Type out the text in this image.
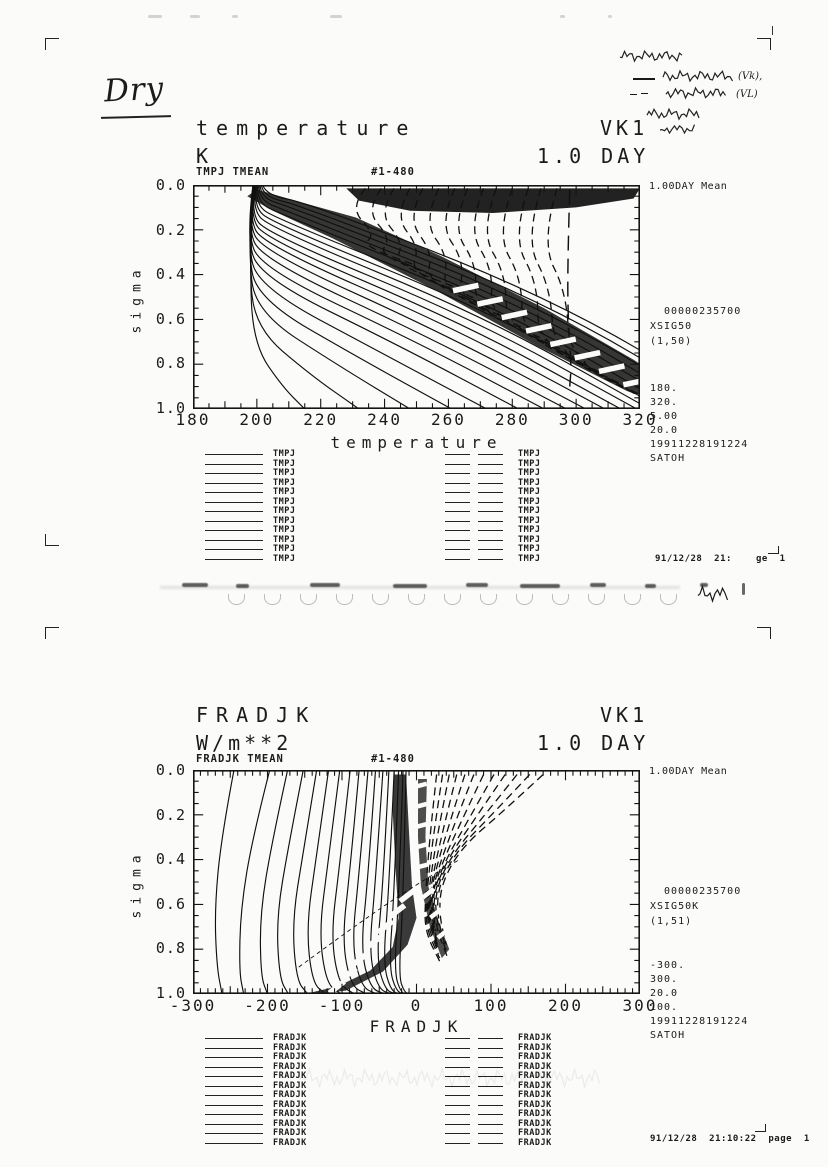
Dry	(Vk),
(VL)
temperature	VK1
K	1.0 DAY
TMPJ TMEAN	#1-480
1.00DAY Mean
sigma
temperature
FRADJK	VK1
W/m**2	1.0 DAY
FRADJK TMEAN	#1-480
1.00DAY Mean
sigma
FRADJK
180 200 220 240 260 280 300 320
0.0
0.2
0.4
0.6
0.8
1.0
00000235700
XSIG50
(1,50)
180.
320.
5.00
20.0
19911228191224
SATOH
-300 -200 -100	0	100 200 300
0.0
0.2
0.4
0.6
0.8
1.0
00000235700
XSIG50K
(1,51)
-300.
300.
20.0
100.
19911228191224
SATOH
TMPJ	TMPJ
TMPJ	TMPJ
TMPJ	TMPJ
TMPJ	TMPJ
TMPJ	TMPJ
TMPJ	TMPJ
TMPJ	TMPJ
TMPJ	TMPJ
TMPJ	TMPJ
TMPJ	TMPJ
TMPJ	TMPJ
TMPJ	TMPJ
FRADJK	FRADJK
FRADJK	FRADJK
FRADJK	FRADJK
FRADJK	FRADJK
FRADJK	FRADJK
FRADJK	FRADJK
FRADJK	FRADJK
FRADJK	FRADJK
FRADJK	FRADJK
FRADJK	FRADJK
FRADJK	FRADJK
FRADJK	FRADJK
91/12/28  21:	ge  1
91/12/28  21:10:22  page  1
